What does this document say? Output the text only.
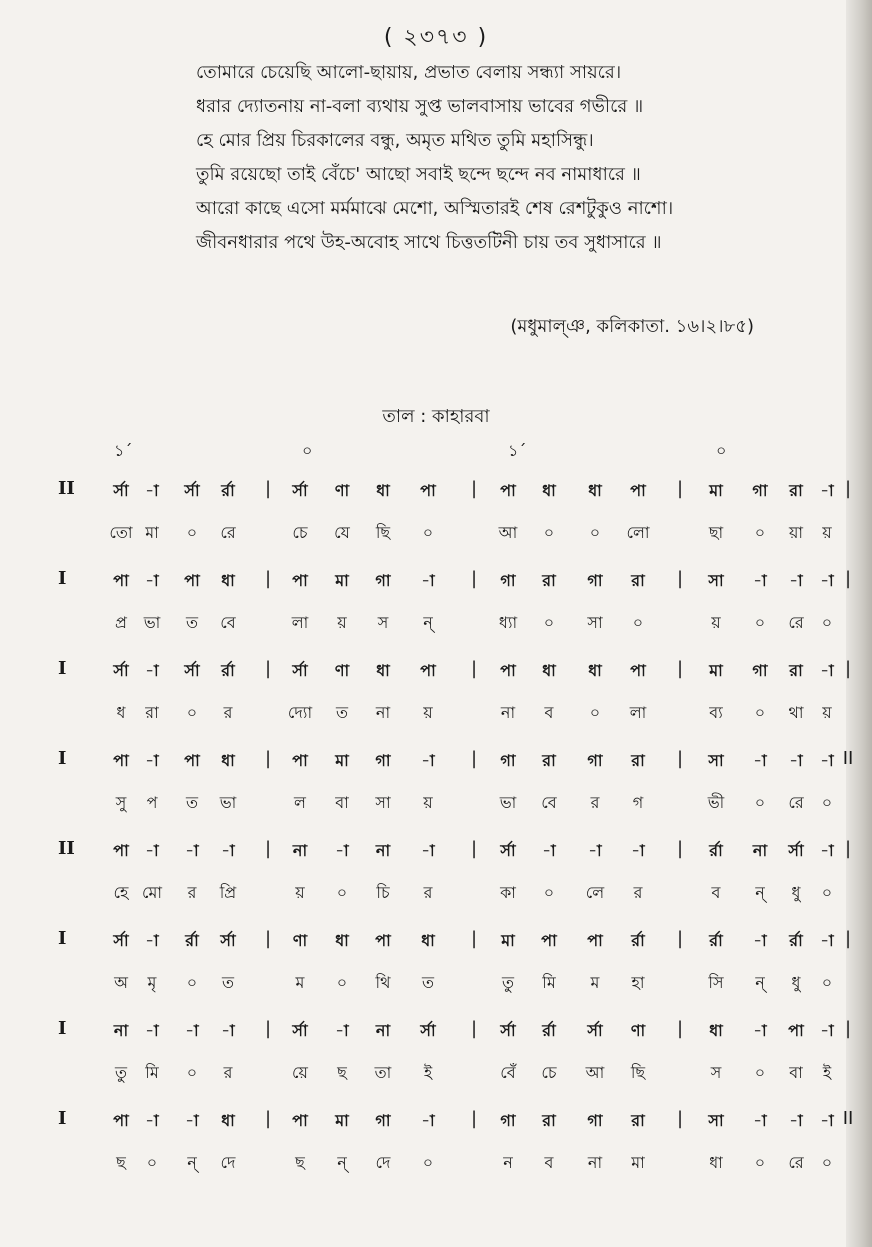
( ২৩৭৩ )
তোমারে চেয়েছি আলো-ছায়ায়, প্রভাত বেলায় সন্ধ্যা সায়রে।
ধরার দ্যোতনায় না-বলা ব্যথায় সুপ্ত ভালবাসায় ভাবের গভীরে ॥
হে মোর প্রিয় চিরকালের বন্ধু, অমৃত মথিত তুমি মহাসিন্ধু।
তুমি রয়েছো তাই বেঁচে' আছো সবাই ছন্দে ছন্দে নব নামাধারে ॥
আরো কাছে এসো মর্মমাঝে মেশো, অস্মিতারই শেষ রেশটুকুও নাশো।
জীবনধারার পথে উহ-অবোহ সাথে চিত্ততটিনী চায় তব সুধাসারে ॥
(মধুমাল্ঞ, কলিকাতা. ১৬।২।৮৫)
তাল : কাহারবা
১´	০	১´	০
II র্সা -া র্সা র্রা	র্সা ণা ধা পা	পা ধা ধা পা	মা গা রা -া
|	|	|	|
তো মা ০ রে	চে যে ছি ০	আ ০ ০ লো	ছা ০ য়া য়
I	পা -া পা ধা	পা মা গা -া	গা রা গা রা	সা -া -া -া
|	|	|	|
প্র ভা ত বে	লা য় স ন্	ধ্যা ০ সা ০	য় ০ রে ০
I	র্সা -া র্সা র্রা	র্সা ণা ধা পা	পা ধা ধা পা	মা গা রা -া
|	|	|	|
ধ রা ০ র	দ্যো ত না য়	না ব ০ লা	ব্য ০ থা য়
I	পা -া পা ধা	পা মা গা -া	গা রা গা রা	সা -া -া -া
|	|	|	II
সু প ত ভা	ল বা সা য়	ভা বে র গ	ভী ০ রে ০
II পা -া -া -া	না -া না -া	র্সা -া -া -া	র্রা না র্সা -া
|	|	|	|
হে মো র প্রি	য় ০ চি র	কা ০ লে র	ব ন্ ধু ০
I	র্সা -া র্রা র্সা	ণা ধা পা ধা	মা পা পা র্রা	র্রা -া র্রা -া
|	|	|	|
অ মৃ ০ ত	ম ০ থি ত	তু মি ম হা	সি ন্ ধু ০
I	না -া -া -া	র্সা -া না র্সা	র্সা র্রা র্সা ণা	ধা -া পা -া
|	|	|	|
তু মি ০ র	য়ে ছ তা ই	বেঁ চে আ ছি	স ০ বা ই
I	পা -া -া ধা	পা মা গা -া	গা রা গা রা	সা -া -া -া
|	|	|	II
ছ ০ ন্ দে	ছ ন্ দে ০	ন ব না মা	ধা ০ রে ০
